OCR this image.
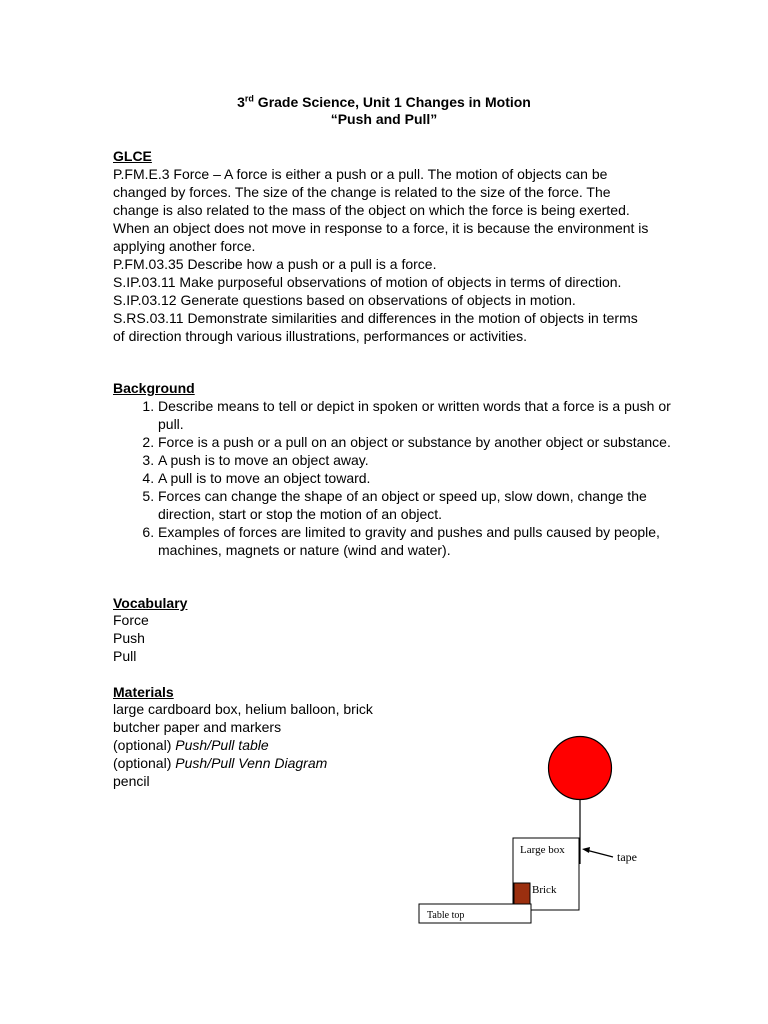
3rd Grade Science, Unit 1 Changes in Motion
“Push and Pull”
GLCE
P.FM.E.3 Force – A force is either a push or a pull. The motion of objects can be changed by forces. The size of the change is related to the size of the force. The change is also related to the mass of the object on which the force is being exerted. When an object does not move in response to a force, it is because the environment is applying another force.
P.FM.03.35 Describe how a push or a pull is a force.
S.IP.03.11 Make purposeful observations of motion of objects in terms of direction.
S.IP.03.12 Generate questions based on observations of objects in motion.
S.RS.03.11 Demonstrate similarities and differences in the motion of objects in terms of direction through various illustrations, performances or activities.
Background
1. Describe means to tell or depict in spoken or written words that a force is a push or pull.
2. Force is a push or a pull on an object or substance by another object or substance.
3. A push is to move an object away.
4. A pull is to move an object toward.
5. Forces can change the shape of an object or speed up, slow down, change the direction, start or stop the motion of an object.
6. Examples of forces are limited to gravity and pushes and pulls caused by people, machines, magnets or nature (wind and water).
Vocabulary
Force
Push
Pull
Materials
large cardboard box, helium balloon, brick
butcher paper and markers
(optional) Push/Pull table
(optional) Push/Pull Venn Diagram
pencil
Large box
Brick
tape
Table top
